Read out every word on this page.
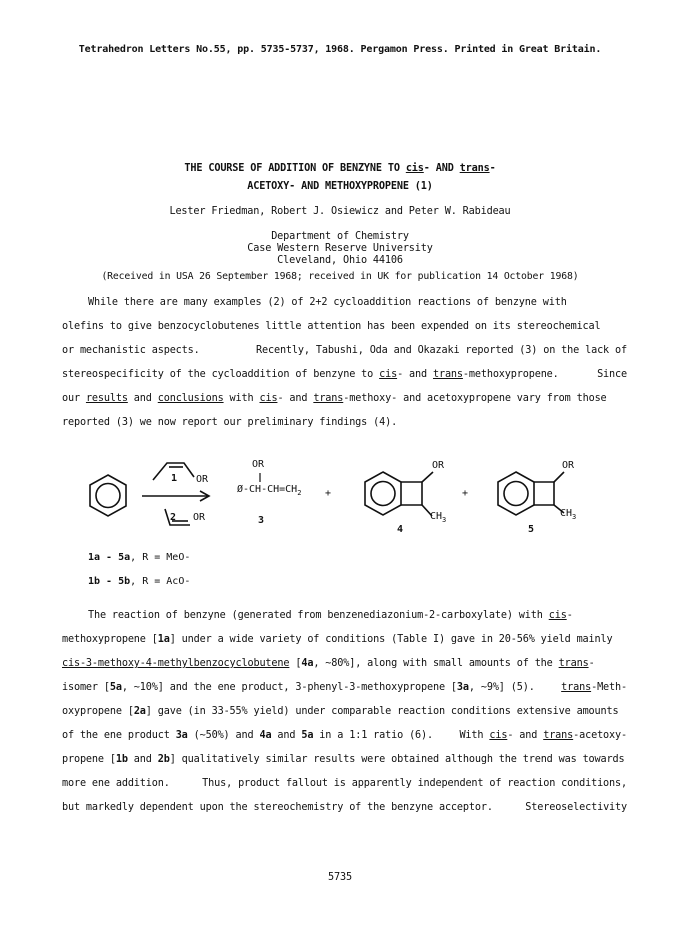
Tetrahedron Letters No.55, pp. 5735-5737, 1968. Pergamon Press. Printed in Great Britain.
THE COURSE OF ADDITION OF BENZYNE TO cis- AND trans-
ACETOXY- AND METHOXYPROPENE (1)
Lester Friedman, Robert J. Osiewicz and Peter W. Rabideau
Department of Chemistry
Case Western Reserve University
Cleveland, Ohio 44106
(Received in USA 26 September 1968; received in UK for publication 14 October 1968)
While there are many examples (2) of 2+2 cycloaddition reactions of benzyne with
olefins to give benzocyclobutenes little attention has been expended on its stereochemical
or mechanistic aspects.	Recently, Tabushi, Oda and Okazaki reported (3) on the lack of
stereospecificity of the cycloaddition of benzyne to cis- and trans-methoxypropene.	Since
our results and conclusions with cis- and trans-methoxy- and acetoxypropene vary from those
reported (3) we now report our preliminary findings (4).
1 OR
2 OR
OR
$Ø-CH-CH=CH_2$
3
+
OR
$CH_3$
4
+
OR
$CH_3$
5
1a - 5a, R = MeO-
1b - 5b, R = AcO-
The reaction of benzyne (generated from benzenediazonium-2-carboxylate) with cis-
methoxypropene [1a] under a wide variety of conditions (Table I) gave in 20-56% yield mainly
cis-3-methoxy-4-methylbenzocyclobutene [4a, ~80%], along with small amounts of the trans-
isomer [5a, ~10%] and the ene product, 3-phenyl-3-methoxypropene [3a, ~9%] (5).	trans-Meth-
oxypropene [2a] gave (in 33-55% yield) under comparable reaction conditions extensive amounts
of the ene product 3a (~50%) and 4a and 5a in a 1:1 ratio (6).	With cis- and trans-acetoxy-
propene [1b and 2b] qualitatively similar results were obtained although the trend was towards
more ene addition.	Thus, product fallout is apparently independent of reaction conditions,
but markedly dependent upon the stereochemistry of the benzyne acceptor.	Stereoselectivity
5735
